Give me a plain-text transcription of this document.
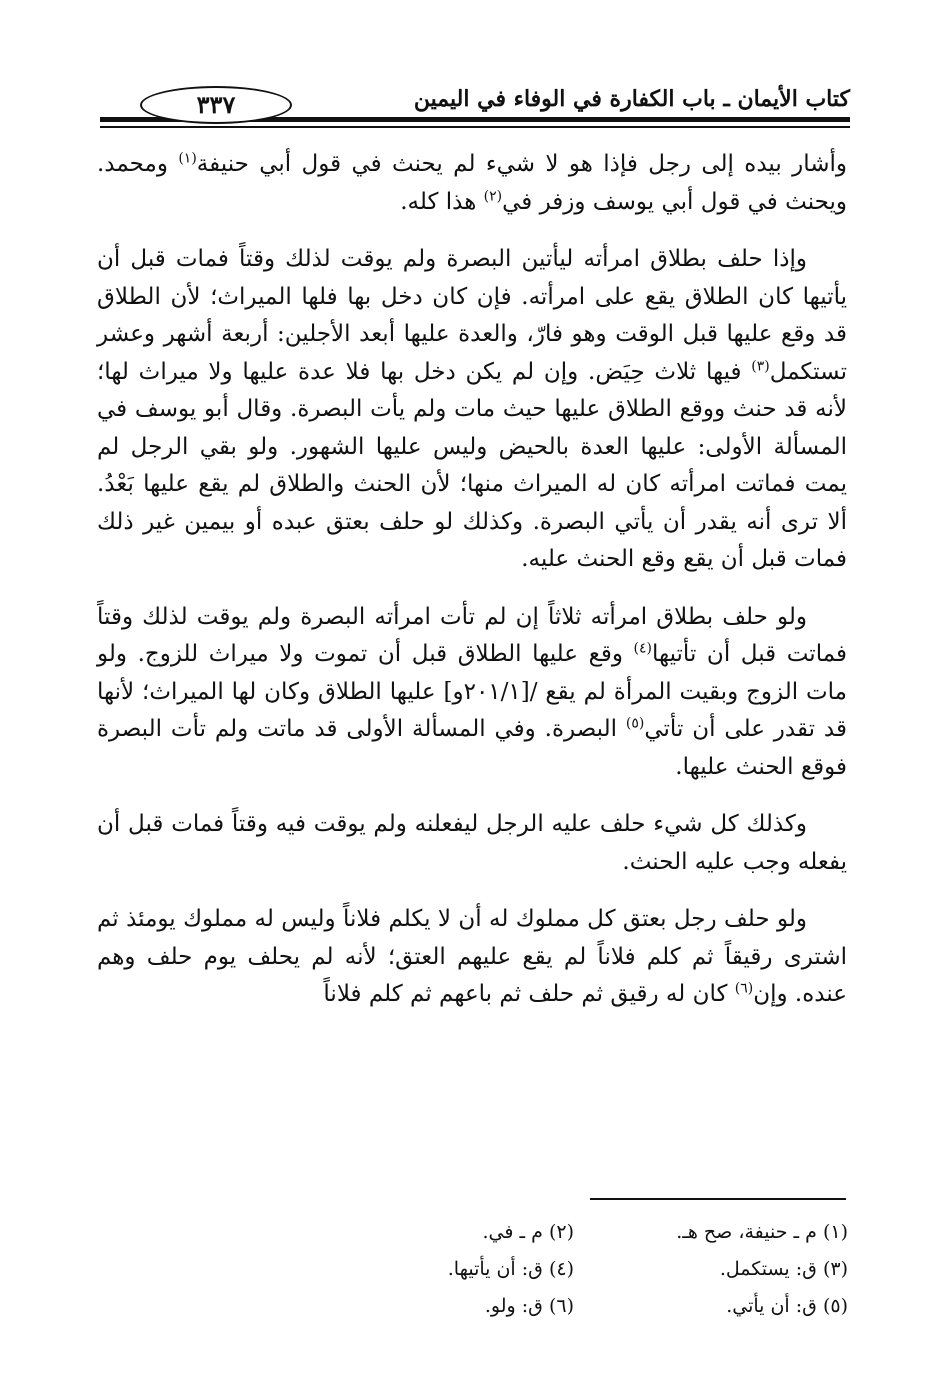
كتاب الأيمان ـ باب الكفارة في الوفاء في اليمين
٣٣٧

وأشار بيده إلى رجل فإذا هو لا شيء لم يحنث في قول أبي حنيفة$^{(١)}$ ومحمد. ويحنث في قول أبي يوسف وزفر في$^{(٢)}$ هذا كله.

وإذا حلف بطلاق امرأته ليأتين البصرة ولم يوقت لذلك وقتاً فمات قبل أن يأتيها كان الطلاق يقع على امرأته. فإن كان دخل بها فلها الميراث؛ لأن الطلاق قد وقع عليها قبل الوقت وهو فارّ، والعدة عليها أبعد الأجلين: أربعة أشهر وعشر تستكمل$^{(٣)}$ فيها ثلاث حِيَض. وإن لم يكن دخل بها فلا عدة عليها ولا ميراث لها؛ لأنه قد حنث ووقع الطلاق عليها حيث مات ولم يأت البصرة. وقال أبو يوسف في المسألة الأولى: عليها العدة بالحيض وليس عليها الشهور. ولو بقي الرجل لم يمت فماتت امرأته كان له الميراث منها؛ لأن الحنث والطلاق لم يقع عليها بَعْدُ. ألا ترى أنه يقدر أن يأتي البصرة. وكذلك لو حلف بعتق عبده أو بيمين غير ذلك فمات قبل أن يقع وقع الحنث عليه.

ولو حلف بطلاق امرأته ثلاثاً إن لم تأت امرأته البصرة ولم يوقت لذلك وقتاً فماتت قبل أن تأتيها$^{(٤)}$ وقع عليها الطلاق قبل أن تموت ولا ميراث للزوج. ولو مات الزوج وبقيت المرأة لم يقع /[٢٠١/١و] عليها الطلاق وكان لها الميراث؛ لأنها قد تقدر على أن تأتي$^{(٥)}$ البصرة. وفي المسألة الأولى قد ماتت ولم تأت البصرة فوقع الحنث عليها.

وكذلك كل شيء حلف عليه الرجل ليفعلنه ولم يوقت فيه وقتاً فمات قبل أن يفعله وجب عليه الحنث.

ولو حلف رجل بعتق كل مملوك له أن لا يكلم فلاناً وليس له مملوك يومئذ ثم اشترى رقيقاً ثم كلم فلاناً لم يقع عليهم العتق؛ لأنه لم يحلف يوم حلف وهم عنده. وإن$^{(٦)}$ كان له رقيق ثم حلف ثم باعهم ثم كلم فلاناً

(١) م ـ حنيفة، صح هـ.
(٢) م ـ في.
(٣) ق: يستكمل.
(٤) ق: أن يأتيها.
(٥) ق: أن يأتي.
(٦) ق: ولو.
